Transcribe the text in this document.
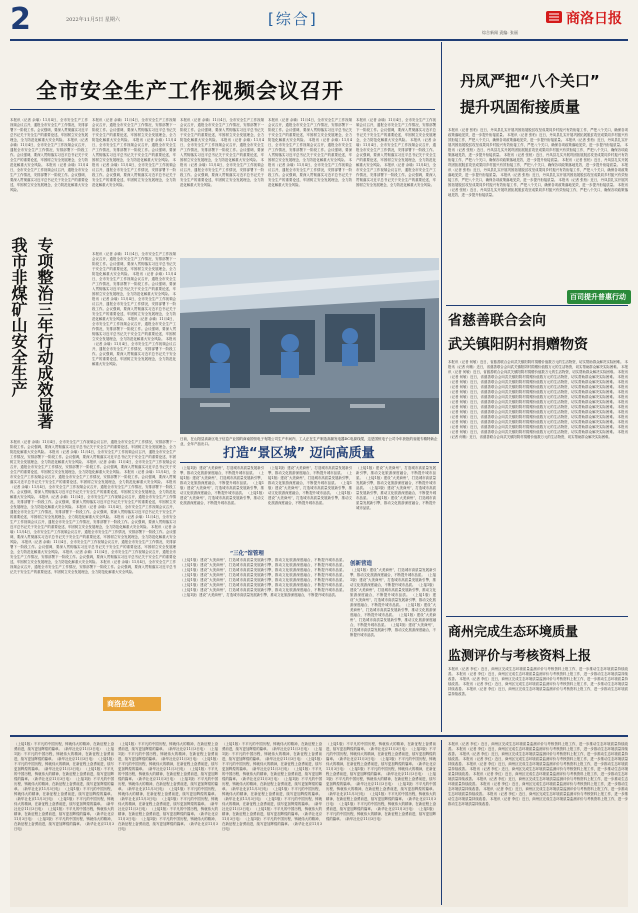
2	2022年11月5日 星期六	[综合]	商洛日报
综合新闻 责编: 张丽
全市安全生产工作视频会议召开	丹凤严把“八个关口”
提升巩固衔接质量
本报讯（记者 余瑜）11月4日，全市安全生产工作视频会议召开，通报全市安全生产工作情况，安排部署下一阶段工作。会议强调，要深入贯彻落实习近平总书记关于安全生产的重要论述，牢固树立安全发展理念，全力防范化解重大安全风险。 本报讯（记者 余瑜）11月4日，全市安全生产工作视频会议召开，通报全市安全生产工作情况，安排部署下一阶段工作。会议强调，要深入贯彻落实习近平总书记关于安全生产的重要论述，牢固树立安全发展理念，全力防范化解重大安全风险。 本报讯（记者 余瑜）11月4日，全市安全生产工作视频会议召开，通报全市安全生产工作情况，安排部署下一阶段工作。会议强调，要深入贯彻落实习近平总书记关于安全生产的重要论述，牢固树立安全发展理念，全力防范化解重大安全风险。
本报讯（记者 余瑜）11月4日，全市安全生产工作视频会议召开，通报全市安全生产工作情况，安排部署下一阶段工作。会议强调，要深入贯彻落实习近平总书记关于安全生产的重要论述，牢固树立安全发展理念，全力防范化解重大安全风险。 本报讯（记者 余瑜）11月4日，全市安全生产工作视频会议召开，通报全市安全生产工作情况，安排部署下一阶段工作。会议强调，要深入贯彻落实习近平总书记关于安全生产的重要论述，牢固树立安全发展理念，全力防范化解重大安全风险。 本报讯（记者 余瑜）11月4日，全市安全生产工作视频会议召开，通报全市安全生产工作情况，安排部署下一阶段工作。会议强调，要深入贯彻落实习近平总书记关于安全生产的重要论述，牢固树立安全发展理念，全力防范化解重大安全风险。
本报讯（记者 余瑜）11月4日，全市安全生产工作视频会议召开，通报全市安全生产工作情况，安排部署下一阶段工作。会议强调，要深入贯彻落实习近平总书记关于安全生产的重要论述，牢固树立安全发展理念，全力防范化解重大安全风险。 本报讯（记者 余瑜）11月4日，全市安全生产工作视频会议召开，通报全市安全生产工作情况，安排部署下一阶段工作。会议强调，要深入贯彻落实习近平总书记关于安全生产的重要论述，牢固树立安全发展理念，全力防范化解重大安全风险。 本报讯（记者 余瑜）11月4日，全市安全生产工作视频会议召开，通报全市安全生产工作情况，安排部署下一阶段工作。会议强调，要深入贯彻落实习近平总书记关于安全生产的重要论述，牢固树立安全发展理念，全力防范化解重大安全风险。
本报讯（记者 余瑜）11月4日，全市安全生产工作视频会议召开，通报全市安全生产工作情况，安排部署下一阶段工作。会议强调，要深入贯彻落实习近平总书记关于安全生产的重要论述，牢固树立安全发展理念，全力防范化解重大安全风险。 本报讯（记者 余瑜）11月4日，全市安全生产工作视频会议召开，通报全市安全生产工作情况，安排部署下一阶段工作。会议强调，要深入贯彻落实习近平总书记关于安全生产的重要论述，牢固树立安全发展理念，全力防范化解重大安全风险。 本报讯（记者 余瑜）11月4日，全市安全生产工作视频会议召开，通报全市安全生产工作情况，安排部署下一阶段工作。会议强调，要深入贯彻落实习近平总书记关于安全生产的重要论述，牢固树立安全发展理念，全力防范化解重大安全风险。
本报讯（记者 余瑜）11月4日，全市安全生产工作视频会议召开，通报全市安全生产工作情况，安排部署下一阶段工作。会议强调，要深入贯彻落实习近平总书记关于安全生产的重要论述，牢固树立安全发展理念，全力防范化解重大安全风险。 本报讯（记者 余瑜）11月4日，全市安全生产工作视频会议召开，通报全市安全生产工作情况，安排部署下一阶段工作。会议强调，要深入贯彻落实习近平总书记关于安全生产的重要论述，牢固树立安全发展理念，全力防范化解重大安全风险。 本报讯（记者 余瑜）11月4日，全市安全生产工作视频会议召开，通报全市安全生产工作情况，安排部署下一阶段工作。会议强调，要深入贯彻落实习近平总书记关于安全生产的重要论述，牢固树立安全发展理念，全力防范化解重大安全风险。
我市非煤矿山安全生产 专项整治三年行动成效显著	本报讯（记者 余瑜）11月4日，全市安全生产工作视频会议召开，通报全市安全生产工作情况，安排部署下一阶段工作。会议强调，要深入贯彻落实习近平总书记关于安全生产的重要论述，牢固树立安全发展理念，全力防范化解重大安全风险。 本报讯（记者 余瑜）11月4日，全市安全生产工作视频会议召开，通报全市安全生产工作情况，安排部署下一阶段工作。会议强调，要深入贯彻落实习近平总书记关于安全生产的重要论述，牢固树立安全发展理念，全力防范化解重大安全风险。 本报讯（记者 余瑜）11月4日，全市安全生产工作视频会议召开，通报全市安全生产工作情况，安排部署下一阶段工作。会议强调，要深入贯彻落实习近平总书记关于安全生产的重要论述，牢固树立安全发展理念，全力防范化解重大安全风险。 本报讯（记者 余瑜）11月4日，全市安全生产工作视频会议召开，通报全市安全生产工作情况，安排部署下一阶段工作。会议强调，要深入贯彻落实习近平总书记关于安全生产的重要论述，牢固树立安全发展理念，全力防范化解重大安全风险。 本报讯（记者 余瑜）11月4日，全市安全生产工作视频会议召开，通报全市安全生产工作情况，安排部署下一阶段工作。会议强调，要深入贯彻落实习近平总书记关于安全生产的重要论述，牢固树立安全发展理念，全力防范化解重大安全风险。
本报讯（记者 余瑜）11月4日，全市安全生产工作视频会议召开，通报全市安全生产工作情况，安排部署下一阶段工作。会议强调，要深入贯彻落实习近平总书记关于安全生产的重要论述，牢固树立安全发展理念，全力防范化解重大安全风险。 本报讯（记者 余瑜）11月4日，全市安全生产工作视频会议召开，通报全市安全生产工作情况，安排部署下一阶段工作。会议强调，要深入贯彻落实习近平总书记关于安全生产的重要论述，牢固树立安全发展理念，全力防范化解重大安全风险。 本报讯（记者 余瑜）11月4日，全市安全生产工作视频会议召开，通报全市安全生产工作情况，安排部署下一阶段工作。会议强调，要深入贯彻落实习近平总书记关于安全生产的重要论述，牢固树立安全发展理念，全力防范化解重大安全风险。 本报讯（记者 余瑜）11月4日，全市安全生产工作视频会议召开，通报全市安全生产工作情况，安排部署下一阶段工作。会议强调，要深入贯彻落实习近平总书记关于安全生产的重要论述，牢固树立安全发展理念，全力防范化解重大安全风险。 本报讯（记者 余瑜）11月4日，全市安全生产工作视频会议召开，通报全市安全生产工作情况，安排部署下一阶段工作。会议强调，要深入贯彻落实习近平总书记关于安全生产的重要论述，牢固树立安全发展理念，全力防范化解重大安全风险。 本报讯（记者 余瑜）11月4日，全市安全生产工作视频会议召开，通报全市安全生产工作情况，安排部署下一阶段工作。会议强调，要深入贯彻落实习近平总书记关于安全生产的重要论述，牢固树立安全发展理念，全力防范化解重大安全风险。 本报讯（记者 余瑜）11月4日，全市安全生产工作视频会议召开，通报全市安全生产工作情况，安排部署下一阶段工作。会议强调，要深入贯彻落实习近平总书记关于安全生产的重要论述，牢固树立安全发展理念，全力防范化解重大安全风险。 本报讯（记者 余瑜）11月4日，全市安全生产工作视频会议召开，通报全市安全生产工作情况，安排部署下一阶段工作。会议强调，要深入贯彻落实习近平总书记关于安全生产的重要论述，牢固树立安全发展理念，全力防范化解重大安全风险。 本报讯（记者 余瑜）11月4日，全市安全生产工作视频会议召开，通报全市安全生产工作情况，安排部署下一阶段工作。会议强调，要深入贯彻落实习近平总书记关于安全生产的重要论述，牢固树立安全发展理念，全力防范化解重大安全风险。 本报讯（记者 余瑜）11月4日，全市安全生产工作视频会议召开，通报全市安全生产工作情况，安排部署下一阶段工作。会议强调，要深入贯彻落实习近平总书记关于安全生产的重要论述，牢固树立安全发展理念，全力防范化解重大安全风险。 本报讯（记者 余瑜）11月4日，全市安全生产工作视频会议召开，通报全市安全生产工作情况，安排部署下一阶段工作。会议强调，要深入贯彻落实习近平总书记关于安全生产的重要论述，牢固树立安全发展理念，全力防范化解重大安全风险。 本报讯（记者 余瑜）11月4日，全市安全生产工作视频会议召开，通报全市安全生产工作情况，安排部署下一阶段工作。会议强调，要深入贯彻落实习近平总书记关于安全生产的重要论述，牢固树立安全发展理念，全力防范化解重大安全风险。
日前，在山阳县高新区电子信息产业园的商南国恒电子有限公司生产车间内，工人正在生产制造高频发电器DC电源线缆，这是国恒电子公司今年获批的省级专精特新企业，全年产品出口。
打造“景区城” 迈向高质量
（上接1版）建设“大美商州”，打造城市高质量发展新引擎，推动文化旅游深度融合，不断提升城市品质。 （上接1版）建设“大美商州”，打造城市高质量发展新引擎，推动文化旅游深度融合，不断提升城市品质。 （上接1版）建设“大美商州”，打造城市高质量发展新引擎，推动文化旅游深度融合，不断提升城市品质。 （上接1版）建设“大美商州”，打造城市高质量发展新引擎，推动文化旅游深度融合，不断提升城市品质。
（上接1版）建设“大美商州”，打造城市高质量发展新引擎，推动文化旅游深度融合，不断提升城市品质。 （上接1版）建设“大美商州”，打造城市高质量发展新引擎，推动文化旅游深度融合，不断提升城市品质。 （上接1版）建设“大美商州”，打造城市高质量发展新引擎，推动文化旅游深度融合，不断提升城市品质。 （上接1版）建设“大美商州”，打造城市高质量发展新引擎，推动文化旅游深度融合，不断提升城市品质。
（上接1版）建设“大美商州”，打造城市高质量发展新引擎，推动文化旅游深度融合，不断提升城市品质。 （上接1版）建设“大美商州”，打造城市高质量发展新引擎，推动文化旅游深度融合，不断提升城市品质。 （上接1版）建设“大美商州”，打造城市高质量发展新引擎，推动文化旅游深度融合，不断提升城市品质。 （上接1版）建设“大美商州”，打造城市高质量发展新引擎，推动文化旅游深度融合，不断提升城市品质。
“三化”馆管理
创新营造
（上接1版）建设“大美商州”，打造城市高质量发展新引擎，推动文化旅游深度融合，不断提升城市品质。 （上接1版）建设“大美商州”，打造城市高质量发展新引擎，推动文化旅游深度融合，不断提升城市品质。 （上接1版）建设“大美商州”，打造城市高质量发展新引擎，推动文化旅游深度融合，不断提升城市品质。 （上接1版）建设“大美商州”，打造城市高质量发展新引擎，推动文化旅游深度融合，不断提升城市品质。 （上接1版）建设“大美商州”，打造城市高质量发展新引擎，推动文化旅游深度融合，不断提升城市品质。 （上接1版）建设“大美商州”，打造城市高质量发展新引擎，推动文化旅游深度融合，不断提升城市品质。 （上接1版）建设“大美商州”，打造城市高质量发展新引擎，推动文化旅游深度融合，不断提升城市品质。 （上接1版）建设“大美商州”，打造城市高质量发展新引擎，推动文化旅游深度融合，不断提升城市品质。
（上接1版）建设“大美商州”，打造城市高质量发展新引擎，推动文化旅游深度融合，不断提升城市品质。 （上接1版）建设“大美商州”，打造城市高质量发展新引擎，推动文化旅游深度融合，不断提升城市品质。 （上接1版）建设“大美商州”，打造城市高质量发展新引擎，推动文化旅游深度融合，不断提升城市品质。 （上接1版）建设“大美商州”，打造城市高质量发展新引擎，推动文化旅游深度融合，不断提升城市品质。 （上接1版）建设“大美商州”，打造城市高质量发展新引擎，推动文化旅游深度融合，不断提升城市品质。 （上接1版）建设“大美商州”，打造城市高质量发展新引擎，推动文化旅游深度融合，不断提升城市品质。 （上接1版）建设“大美商州”，打造城市高质量发展新引擎，推动文化旅游深度融合，不断提升城市品质。
本报讯（记者 张柏）近日，丹凤县扎实开展巩固拓展脱贫攻坚成果同乡村振兴有效衔接工作，严把八个关口，确保各项政策落地见效，进一步提升衔接质量。 本报讯（记者 张柏）近日，丹凤县扎实开展巩固拓展脱贫攻坚成果同乡村振兴有效衔接工作，严把八个关口，确保各项政策落地见效，进一步提升衔接质量。 本报讯（记者 张柏）近日，丹凤县扎实开展巩固拓展脱贫攻坚成果同乡村振兴有效衔接工作，严把八个关口，确保各项政策落地见效，进一步提升衔接质量。 本报讯（记者 张柏）近日，丹凤县扎实开展巩固拓展脱贫攻坚成果同乡村振兴有效衔接工作，严把八个关口，确保各项政策落地见效，进一步提升衔接质量。 本报讯（记者 张柏）近日，丹凤县扎实开展巩固拓展脱贫攻坚成果同乡村振兴有效衔接工作，严把八个关口，确保各项政策落地见效，进一步提升衔接质量。 本报讯（记者 张柏）近日，丹凤县扎实开展巩固拓展脱贫攻坚成果同乡村振兴有效衔接工作，严把八个关口，确保各项政策落地见效，进一步提升衔接质量。 本报讯（记者 张柏）近日，丹凤县扎实开展巩固拓展脱贫攻坚成果同乡村振兴有效衔接工作，严把八个关口，确保各项政策落地见效，进一步提升衔接质量。 本报讯（记者 张柏）近日，丹凤县扎实开展巩固拓展脱贫攻坚成果同乡村振兴有效衔接工作，严把八个关口，确保各项政策落地见效，进一步提升衔接质量。 本报讯（记者 张柏）近日，丹凤县扎实开展巩固拓展脱贫攻坚成果同乡村振兴有效衔接工作，严把八个关口，确保各项政策落地见效，进一步提升衔接质量。 本报讯（记者 张柏）近日，丹凤县扎实开展巩固拓展脱贫攻坚成果同乡村振兴有效衔接工作，严把八个关口，确保各项政策落地见效，进一步提升衔接质量。
百司提升普惠行动
省慈善联合会向
武关镇阳阴村捐赠物资
本报讯（记者 何敏）近日，省慈善联合会向武关镇阳阴村捐赠价值数万元的生活物资，切实帮助群众解决实际困难。 本报讯（记者 何敏）近日，省慈善联合会向武关镇阳阴村捐赠价值数万元的生活物资，切实帮助群众解决实际困难。 本报讯（记者 何敏）近日，省慈善联合会向武关镇阳阴村捐赠价值数万元的生活物资，切实帮助群众解决实际困难。 本报讯（记者 何敏）近日，省慈善联合会向武关镇阳阴村捐赠价值数万元的生活物资，切实帮助群众解决实际困难。 本报讯（记者 何敏）近日，省慈善联合会向武关镇阳阴村捐赠价值数万元的生活物资，切实帮助群众解决实际困难。 本报讯（记者 何敏）近日，省慈善联合会向武关镇阳阴村捐赠价值数万元的生活物资，切实帮助群众解决实际困难。 本报讯（记者 何敏）近日，省慈善联合会向武关镇阳阴村捐赠价值数万元的生活物资，切实帮助群众解决实际困难。 本报讯（记者 何敏）近日，省慈善联合会向武关镇阳阴村捐赠价值数万元的生活物资，切实帮助群众解决实际困难。 本报讯（记者 何敏）近日，省慈善联合会向武关镇阳阴村捐赠价值数万元的生活物资，切实帮助群众解决实际困难。 本报讯（记者 何敏）近日，省慈善联合会向武关镇阳阴村捐赠价值数万元的生活物资，切实帮助群众解决实际困难。 本报讯（记者 何敏）近日，省慈善联合会向武关镇阳阴村捐赠价值数万元的生活物资，切实帮助群众解决实际困难。 本报讯（记者 何敏）近日，省慈善联合会向武关镇阳阴村捐赠价值数万元的生活物资，切实帮助群众解决实际困难。 本报讯（记者 何敏）近日，省慈善联合会向武关镇阳阴村捐赠价值数万元的生活物资，切实帮助群众解决实际困难。 本报讯（记者 何敏）近日，省慈善联合会向武关镇阳阴村捐赠价值数万元的生活物资，切实帮助群众解决实际困难。 本报讯（记者 何敏）近日，省慈善联合会向武关镇阳阴村捐赠价值数万元的生活物资，切实帮助群众解决实际困难。 本报讯（记者 何敏）近日，省慈善联合会向武关镇阳阴村捐赠价值数万元的生活物资，切实帮助群众解决实际困难。
商州完成生态环境质量
监测评价与考核资料上报
本报讯（记者 李红）近日，商州区完成生态环境质量监测评价与考核资料上报工作，进一步推动生态环境质量持续改善。 本报讯（记者 李红）近日，商州区完成生态环境质量监测评价与考核资料上报工作，进一步推动生态环境质量持续改善。 本报讯（记者 李红）近日，商州区完成生态环境质量监测评价与考核资料上报工作，进一步推动生态环境质量持续改善。 本报讯（记者 李红）近日，商州区完成生态环境质量监测评价与考核资料上报工作，进一步推动生态环境质量持续改善。 本报讯（记者 李红）近日，商州区完成生态环境质量监测评价与考核资料上报工作，进一步推动生态环境质量持续改善。
商洛应急
（上接1版）不平凡的中国历程，铸就伟大的精神，在新征程上奋勇前进，续写更加辉煌的篇章。（新华社北京11月3日电） （上接1版）不平凡的中国历程，铸就伟大的精神，在新征程上奋勇前进，续写更加辉煌的篇章。（新华社北京11月3日电） （上接1版）不平凡的中国历程，铸就伟大的精神，在新征程上奋勇前进，续写更加辉煌的篇章。（新华社北京11月3日电） （上接1版）不平凡的中国历程，铸就伟大的精神，在新征程上奋勇前进，续写更加辉煌的篇章。（新华社北京11月3日电） （上接1版）不平凡的中国历程，铸就伟大的精神，在新征程上奋勇前进，续写更加辉煌的篇章。（新华社北京11月3日电） （上接1版）不平凡的中国历程，铸就伟大的精神，在新征程上奋勇前进，续写更加辉煌的篇章。（新华社北京11月3日电） （上接1版）不平凡的中国历程，铸就伟大的精神，在新征程上奋勇前进，续写更加辉煌的篇章。（新华社北京11月3日电） （上接1版）不平凡的中国历程，铸就伟大的精神，在新征程上奋勇前进，续写更加辉煌的篇章。（新华社北京11月3日电） （上接1版）不平凡的中国历程，铸就伟大的精神，在新征程上奋勇前进，续写更加辉煌的篇章。（新华社北京11月3日电）
（上接1版）不平凡的中国历程，铸就伟大的精神，在新征程上奋勇前进，续写更加辉煌的篇章。（新华社北京11月3日电） （上接1版）不平凡的中国历程，铸就伟大的精神，在新征程上奋勇前进，续写更加辉煌的篇章。（新华社北京11月3日电） （上接1版）不平凡的中国历程，铸就伟大的精神，在新征程上奋勇前进，续写更加辉煌的篇章。（新华社北京11月3日电） （上接1版）不平凡的中国历程，铸就伟大的精神，在新征程上奋勇前进，续写更加辉煌的篇章。（新华社北京11月3日电） （上接1版）不平凡的中国历程，铸就伟大的精神，在新征程上奋勇前进，续写更加辉煌的篇章。（新华社北京11月3日电） （上接1版）不平凡的中国历程，铸就伟大的精神，在新征程上奋勇前进，续写更加辉煌的篇章。（新华社北京11月3日电） （上接1版）不平凡的中国历程，铸就伟大的精神，在新征程上奋勇前进，续写更加辉煌的篇章。（新华社北京11月3日电） （上接1版）不平凡的中国历程，铸就伟大的精神，在新征程上奋勇前进，续写更加辉煌的篇章。（新华社北京11月3日电） （上接1版）不平凡的中国历程，铸就伟大的精神，在新征程上奋勇前进，续写更加辉煌的篇章。（新华社北京11月3日电）
（上接1版）不平凡的中国历程，铸就伟大的精神，在新征程上奋勇前进，续写更加辉煌的篇章。（新华社北京11月3日电） （上接1版）不平凡的中国历程，铸就伟大的精神，在新征程上奋勇前进，续写更加辉煌的篇章。（新华社北京11月3日电） （上接1版）不平凡的中国历程，铸就伟大的精神，在新征程上奋勇前进，续写更加辉煌的篇章。（新华社北京11月3日电） （上接1版）不平凡的中国历程，铸就伟大的精神，在新征程上奋勇前进，续写更加辉煌的篇章。（新华社北京11月3日电） （上接1版）不平凡的中国历程，铸就伟大的精神，在新征程上奋勇前进，续写更加辉煌的篇章。（新华社北京11月3日电） （上接1版）不平凡的中国历程，铸就伟大的精神，在新征程上奋勇前进，续写更加辉煌的篇章。（新华社北京11月3日电） （上接1版）不平凡的中国历程，铸就伟大的精神，在新征程上奋勇前进，续写更加辉煌的篇章。（新华社北京11月3日电） （上接1版）不平凡的中国历程，铸就伟大的精神，在新征程上奋勇前进，续写更加辉煌的篇章。（新华社北京11月3日电） （上接1版）不平凡的中国历程，铸就伟大的精神，在新征程上奋勇前进，续写更加辉煌的篇章。（新华社北京11月3日电）
（上接1版）不平凡的中国历程，铸就伟大的精神，在新征程上奋勇前进，续写更加辉煌的篇章。（新华社北京11月3日电） （上接1版）不平凡的中国历程，铸就伟大的精神，在新征程上奋勇前进，续写更加辉煌的篇章。（新华社北京11月3日电） （上接1版）不平凡的中国历程，铸就伟大的精神，在新征程上奋勇前进，续写更加辉煌的篇章。（新华社北京11月3日电） （上接1版）不平凡的中国历程，铸就伟大的精神，在新征程上奋勇前进，续写更加辉煌的篇章。（新华社北京11月3日电） （上接1版）不平凡的中国历程，铸就伟大的精神，在新征程上奋勇前进，续写更加辉煌的篇章。（新华社北京11月3日电） （上接1版）不平凡的中国历程，铸就伟大的精神，在新征程上奋勇前进，续写更加辉煌的篇章。（新华社北京11月3日电） （上接1版）不平凡的中国历程，铸就伟大的精神，在新征程上奋勇前进，续写更加辉煌的篇章。（新华社北京11月3日电） （上接1版）不平凡的中国历程，铸就伟大的精神，在新征程上奋勇前进，续写更加辉煌的篇章。（新华社北京11月3日电） （上接1版）不平凡的中国历程，铸就伟大的精神，在新征程上奋勇前进，续写更加辉煌的篇章。（新华社北京11月3日电）
本报讯（记者 李红）近日，商州区完成生态环境质量监测评价与考核资料上报工作，进一步推动生态环境质量持续改善。 本报讯（记者 李红）近日，商州区完成生态环境质量监测评价与考核资料上报工作，进一步推动生态环境质量持续改善。 本报讯（记者 李红）近日，商州区完成生态环境质量监测评价与考核资料上报工作，进一步推动生态环境质量持续改善。 本报讯（记者 李红）近日，商州区完成生态环境质量监测评价与考核资料上报工作，进一步推动生态环境质量持续改善。 本报讯（记者 李红）近日，商州区完成生态环境质量监测评价与考核资料上报工作，进一步推动生态环境质量持续改善。 本报讯（记者 李红）近日，商州区完成生态环境质量监测评价与考核资料上报工作，进一步推动生态环境质量持续改善。 本报讯（记者 李红）近日，商州区完成生态环境质量监测评价与考核资料上报工作，进一步推动生态环境质量持续改善。 本报讯（记者 李红）近日，商州区完成生态环境质量监测评价与考核资料上报工作，进一步推动生态环境质量持续改善。 本报讯（记者 李红）近日，商州区完成生态环境质量监测评价与考核资料上报工作，进一步推动生态环境质量持续改善。 本报讯（记者 李红）近日，商州区完成生态环境质量监测评价与考核资料上报工作，进一步推动生态环境质量持续改善。 本报讯（记者 李红）近日，商州区完成生态环境质量监测评价与考核资料上报工作，进一步推动生态环境质量持续改善。 本报讯（记者 李红）近日，商州区完成生态环境质量监测评价与考核资料上报工作，进一步推动生态环境质量持续改善。
